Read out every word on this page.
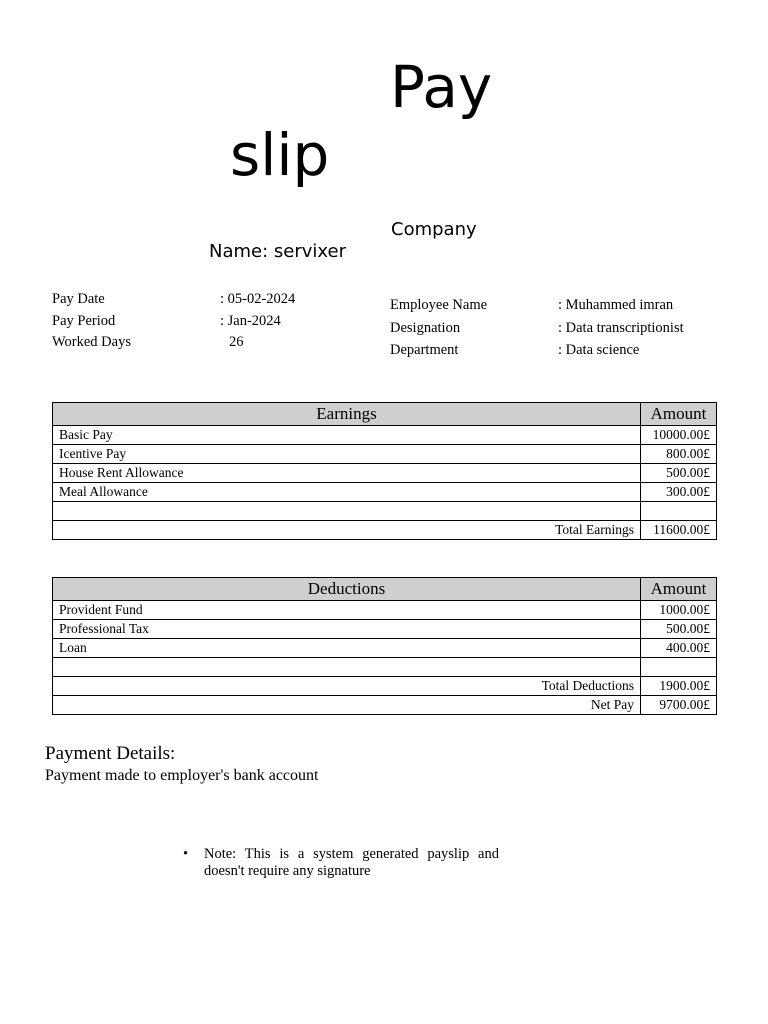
Pay
slip
Company
Name: servixer
Pay Date	: 05-02-2024
Pay Period	: Jan-2024
Worked Days	26
Employee Name	: Muhammed imran
Designation	: Data transcriptionist
Department	: Data science
Earnings	Amount
Basic Pay	10000.00£
Icentive Pay	800.00£
House Rent Allowance	500.00£
Meal Allowance	300.00£

Total Earnings	11600.00£
Deductions	Amount
Provident Fund	1000.00£
Professional Tax	500.00£
Loan	400.00£

Total Deductions	1900.00£
Net Pay	9700.00£
Payment Details:
Payment made to employer's bank account
• Note: This is a system generated payslip and doesn't require any signature
